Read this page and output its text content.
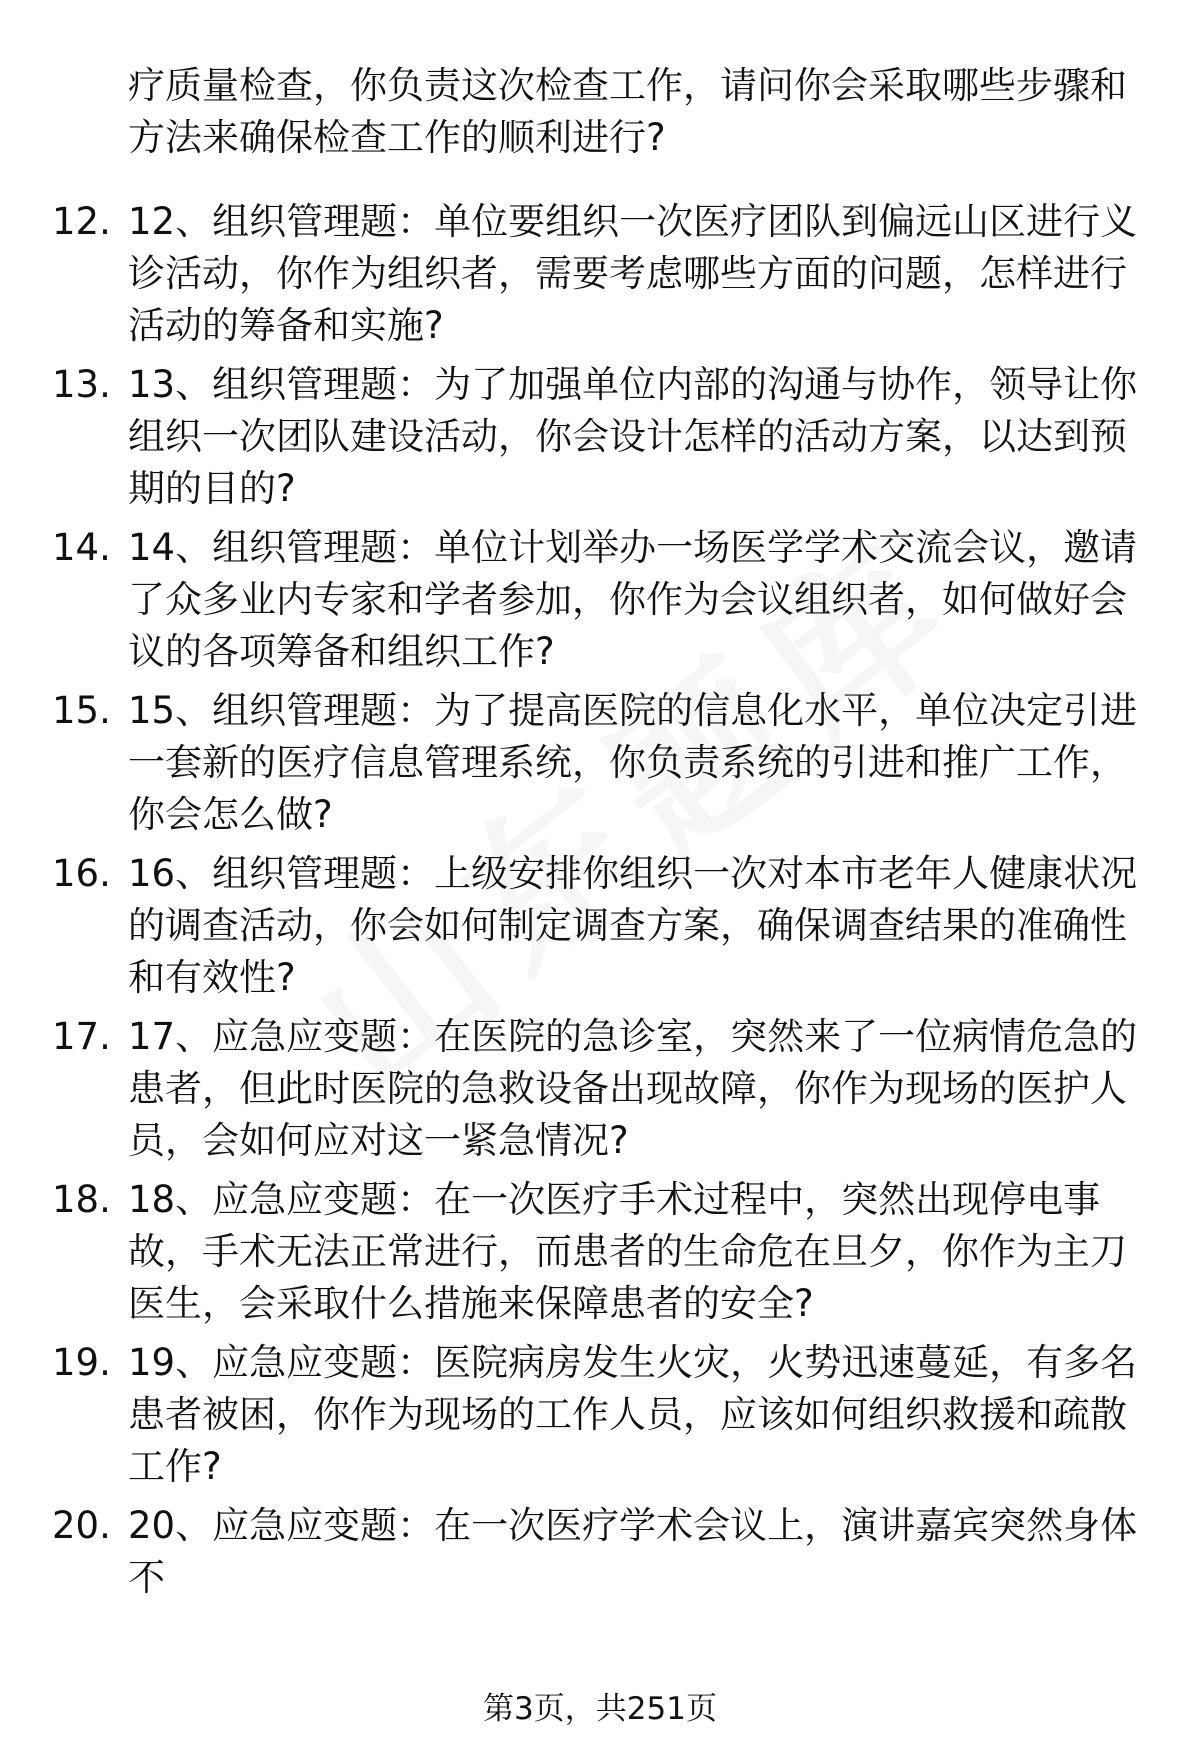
疗质量检查，你负责这次检查工作，请问你会采取哪些步骤和方法来确保检查工作的顺利进行?
12. 12、组织管理题：单位要组织一次医疗团队到偏远山区进行义诊活动，你作为组织者，需要考虑哪些方面的问题，怎样进行活动的筹备和实施?
13. 13、组织管理题：为了加强单位内部的沟通与协作，领导让你组织一次团队建设活动，你会设计怎样的活动方案，以达到预期的目的?
14. 14、组织管理题：单位计划举办一场医学学术交流会议，邀请了众多业内专家和学者参加，你作为会议组织者，如何做好会议的各项筹备和组织工作?
15. 15、组织管理题：为了提高医院的信息化水平，单位决定引进一套新的医疗信息管理系统，你负责系统的引进和推广工作，你会怎么做?
16. 16、组织管理题：上级安排你组织一次对本市老年人健康状况的调查活动，你会如何制定调查方案，确保调查结果的准确性和有效性?
17. 17、应急应变题：在医院的急诊室，突然来了一位病情危急的患者，但此时医院的急救设备出现故障，你作为现场的医护人员，会如何应对这一紧急情况?
18. 18、应急应变题：在一次医疗手术过程中，突然出现停电事故，手术无法正常进行，而患者的生命危在旦夕，你作为主刀医生，会采取什么措施来保障患者的安全?
19. 19、应急应变题：医院病房发生火灾，火势迅速蔓延，有多名患者被困，你作为现场的工作人员，应该如何组织救援和疏散工作?
20. 20、应急应变题：在一次医疗学术会议上，演讲嘉宾突然身体不
第3页，共251页
